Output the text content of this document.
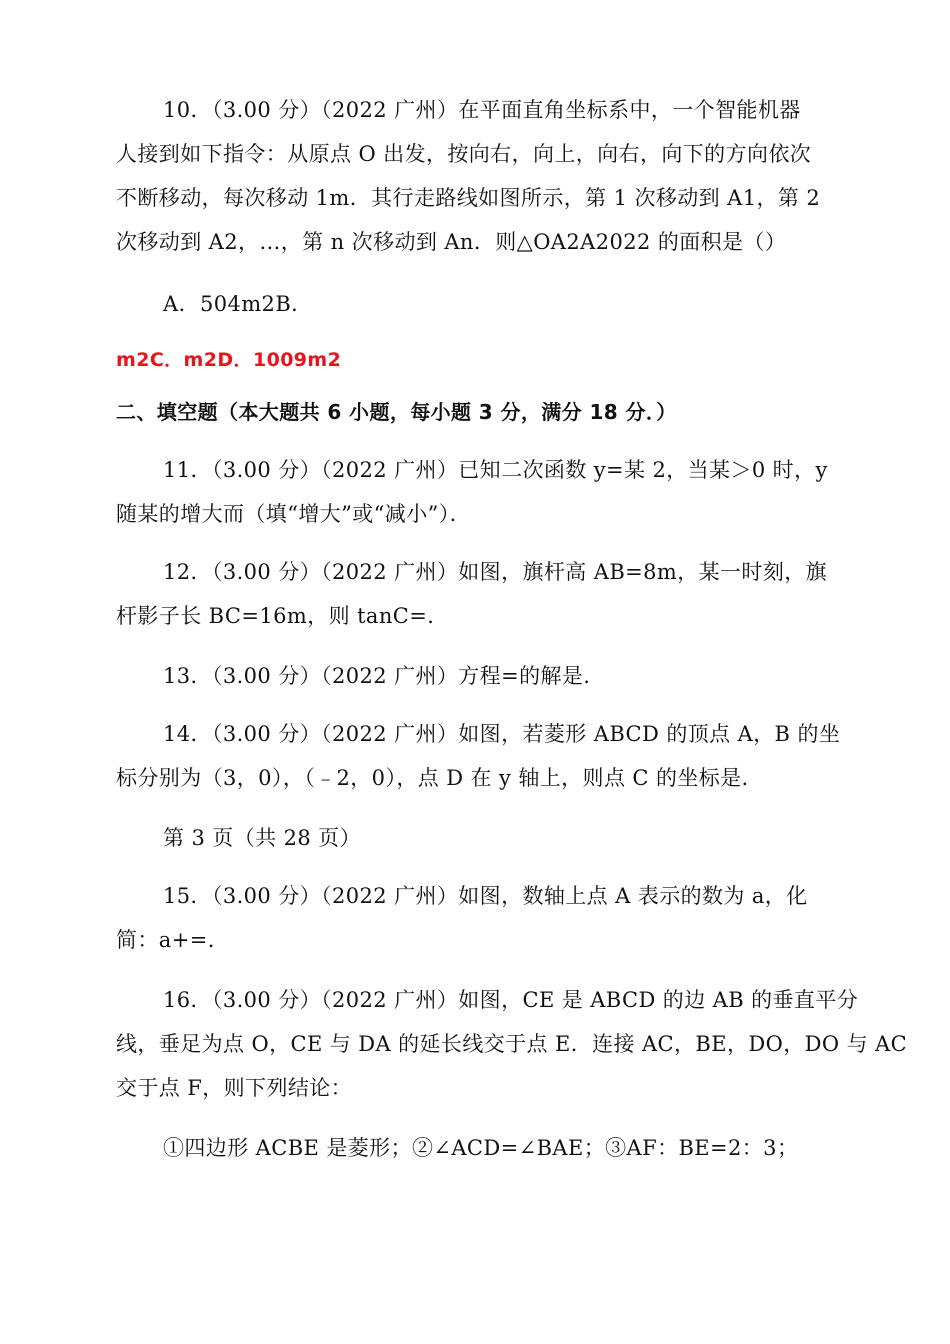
10．（3.00 分）（2022 广州）在平面直角坐标系中，一个智能机器
人接到如下指令：从原点 O 出发，按向右，向上，向右，向下的方向依次
不断移动，每次移动 1m．其行走路线如图所示，第 1 次移动到 A1，第 2
次移动到 A2，…，第 n 次移动到 An．则△OA2A2022 的面积是（）
A．504m2B．
m2C．m2D．1009m2
二、填空题（本大题共 6 小题，每小题 3 分，满分 18 分．）
11．（3.00 分）（2022 广州）已知二次函数 y=某 2，当某＞0 时，y
随某的增大而（填“增大”或“减小”）．
12．（3.00 分）（2022 广州）如图，旗杆高 AB=8m，某一时刻，旗
杆影子长 BC=16m，则 tanC=.
13．（3.00 分）（2022 广州）方程=的解是.
14．（3.00 分）（2022 广州）如图，若菱形 ABCD 的顶点 A，B 的坐
标分别为（3，0），（﹣2，0），点 D 在 y 轴上，则点 C 的坐标是.
第 3 页（共 28 页）
15．（3.00 分）（2022 广州）如图，数轴上点 A 表示的数为 a，化
简：a+=.
16．（3.00 分）（2022 广州）如图，CE 是 ABCD 的边 AB 的垂直平分
线，垂足为点 O，CE 与 DA 的延长线交于点 E．连接 AC，BE，DO，DO 与 AC
交于点 F，则下列结论：
①四边形 ACBE 是菱形；②∠ACD=∠BAE；③AF：BE=2：3；
